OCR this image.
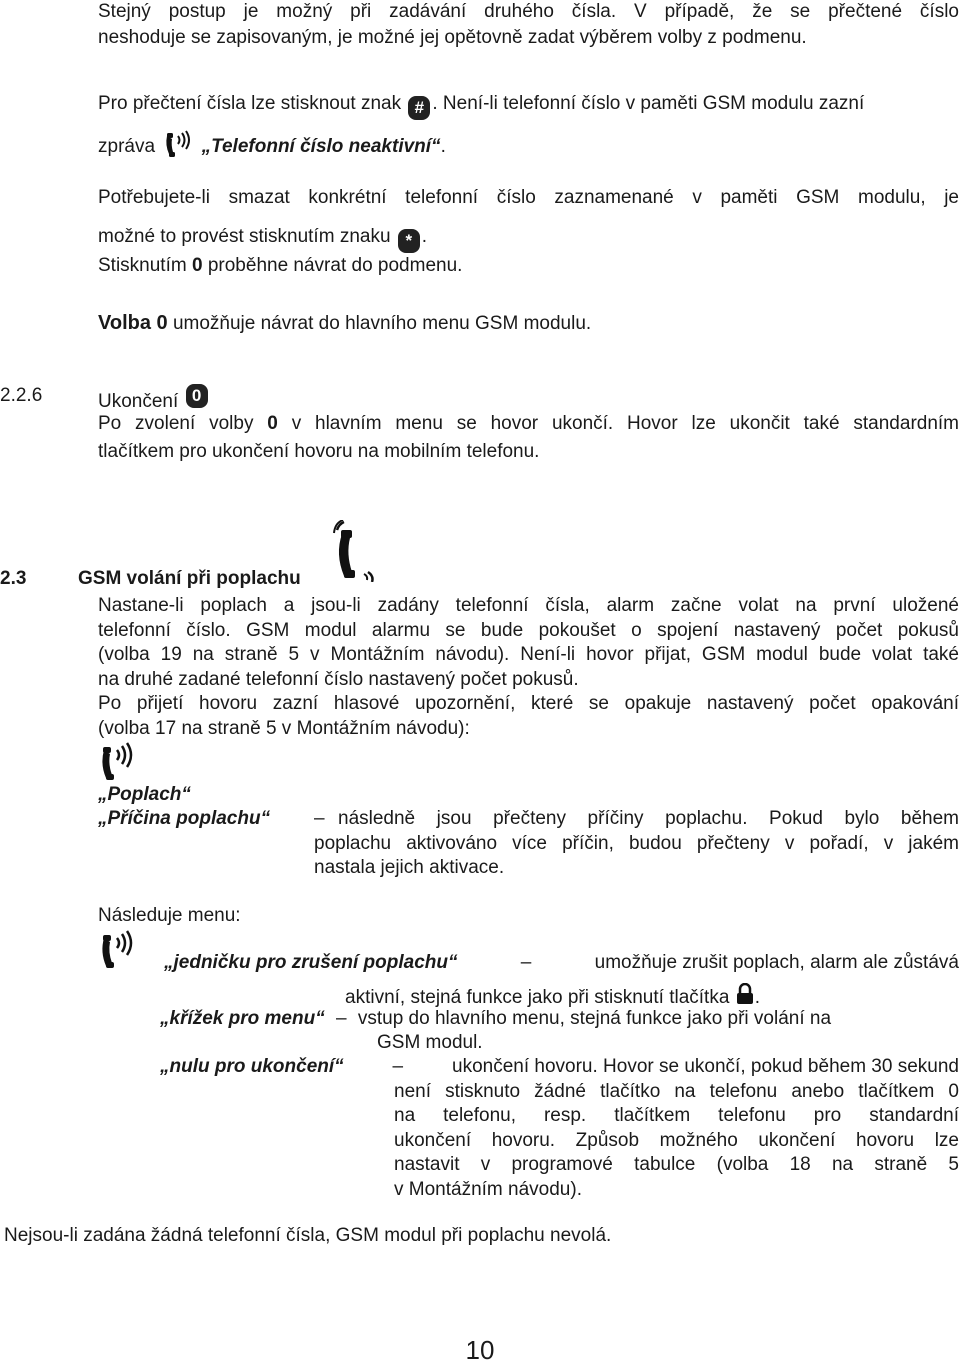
Stejný postup je možný při zadávání druhého čísla. V případě, že se přečtené číslo
neshoduje se zapisovaným, je možné jej opětovně zadat výběrem volby z podmenu.
Pro přečtení čísla lze stisknout znak # . Není-li telefonní číslo v paměti GSM modulu zazní
zpráva „Telefonní číslo neaktivní“.
Potřebujete-li smazat konkrétní telefonní číslo zaznamenané v paměti GSM modulu, je
možné to provést stisknutím znaku * .
Stisknutím 0 proběhne návrat do podmenu.
Volba 0 umožňuje návrat do hlavního menu GSM modulu.
2.2.6	Ukončení 0
Po zvolení volby 0 v hlavním menu se hovor ukončí. Hovor lze ukončit také standardním
tlačítkem pro ukončení hovoru na mobilním telefonu.
2.3	GSM volání při poplachu
Nastane-li poplach a jsou-li zadány telefonní čísla, alarm začne volat na první uložené
telefonní číslo. GSM modul alarmu se bude pokoušet o spojení nastavený počet pokusů
(volba 19 na straně 5 v Montážním návodu). Není-li hovor přijat, GSM modul bude volat také
na druhé zadané telefonní číslo nastavený počet pokusů.
Po přijetí hovoru zazní hlasové upozornění, které se opakuje nastavený počet opakování
(volba 17 na straně 5 v Montážním návodu):
„Poplach“
„Příčina poplachu“ – následně jsou přečteny příčiny poplachu. Pokud bylo během
poplachu aktivováno více příčin, budou přečteny v pořadí, v jakém
nastala jejich aktivace.
Následuje menu:
„jedničku pro zrušení poplachu“	–	umožňuje zrušit poplach, alarm ale zůstává
aktivní, stejná funkce jako při stisknutí tlačítka .
„křížek pro menu“ – vstup do hlavního menu, stejná funkce jako při volání na
GSM modul.
„nulu pro ukončení“	–	ukončení hovoru. Hovor se ukončí, pokud během 30 sekund
není stisknuto žádné tlačítko na telefonu anebo tlačítkem 0
na telefonu, resp. tlačítkem telefonu pro standardní
ukončení hovoru. Způsob možného ukončení hovoru lze
nastavit v programové tabulce (volba 18 na straně 5
v Montážním návodu).
Nejsou-li zadána žádná telefonní čísla, GSM modul při poplachu nevolá.
10
